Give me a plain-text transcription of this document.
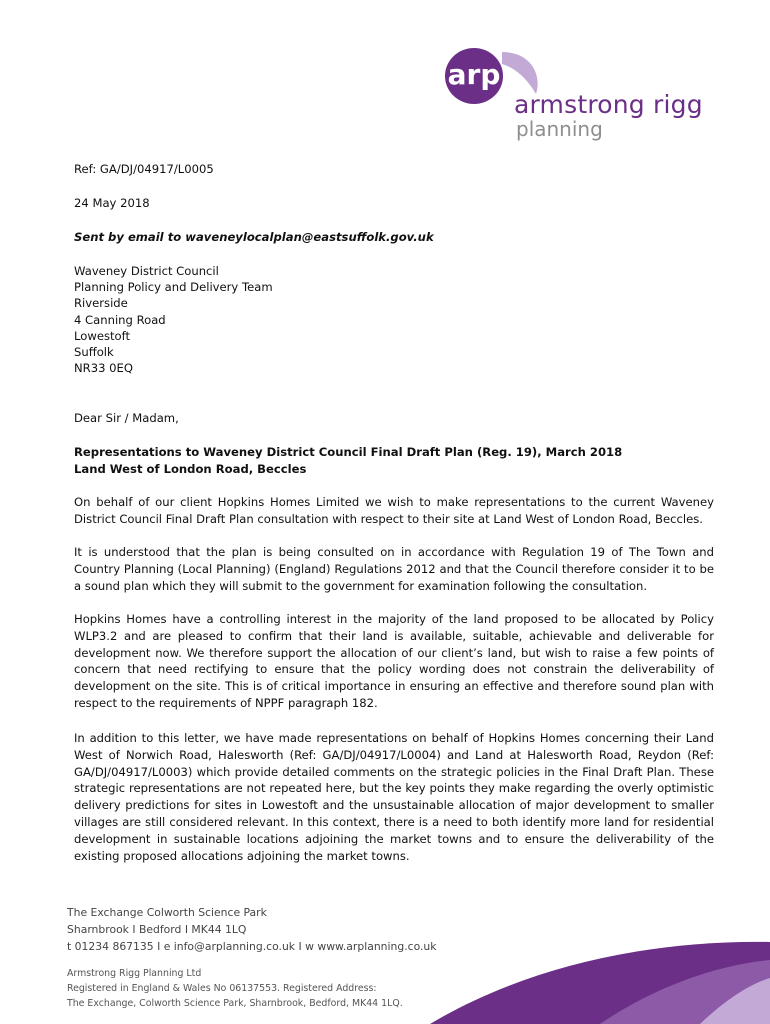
arp
armstrong rigg
planning
Ref: GA/DJ/04917/L0005
24 May 2018
Sent by email to waveneylocalplan@eastsuffolk.gov.uk
Waveney District Council
Planning Policy and Delivery Team
Riverside
4 Canning Road
Lowestoft
Suffolk
NR33 0EQ
Dear Sir / Madam,
Representations to Waveney District Council Final Draft Plan (Reg. 19), March 2018
Land West of London Road, Beccles

On behalf of our client Hopkins Homes Limited we wish to make representations to the current Waveney District Council Final Draft Plan consultation with respect to their site at Land West of London Road, Beccles.

It is understood that the plan is being consulted on in accordance with Regulation 19 of The Town and Country Planning (Local Planning) (England) Regulations 2012 and that the Council therefore consider it to be a sound plan which they will submit to the government for examination following the consultation.

Hopkins Homes have a controlling interest in the majority of the land proposed to be allocated by Policy WLP3.2 and are pleased to confirm that their land is available, suitable, achievable and deliverable for development now. We therefore support the allocation of our client’s land, but wish to raise a few points of concern that need rectifying to ensure that the policy wording does not constrain the deliverability of development on the site. This is of critical importance in ensuring an effective and therefore sound plan with respect to the requirements of NPPF paragraph 182.

In addition to this letter, we have made representations on behalf of Hopkins Homes concerning their Land West of Norwich Road, Halesworth (Ref: GA/DJ/04917/L0004) and Land at Halesworth Road, Reydon (Ref: GA/DJ/04917/L0003) which provide detailed comments on the strategic policies in the Final Draft Plan. These strategic representations are not repeated here, but the key points they make regarding the overly optimistic delivery predictions for sites in Lowestoft and the unsustainable allocation of major development to smaller villages are still considered relevant. In this context, there is a need to both identify more land for residential development in sustainable locations adjoining the market towns and to ensure the deliverability of the existing proposed allocations adjoining the market towns.

The Exchange Colworth Science Park
Sharnbrook I Bedford I MK44 1LQ
t 01234 867135 I e info@arplanning.co.uk I w www.arplanning.co.uk
Armstrong Rigg Planning Ltd
Registered in England & Wales No 06137553. Registered Address:
The Exchange, Colworth Science Park, Sharnbrook, Bedford, MK44 1LQ.
